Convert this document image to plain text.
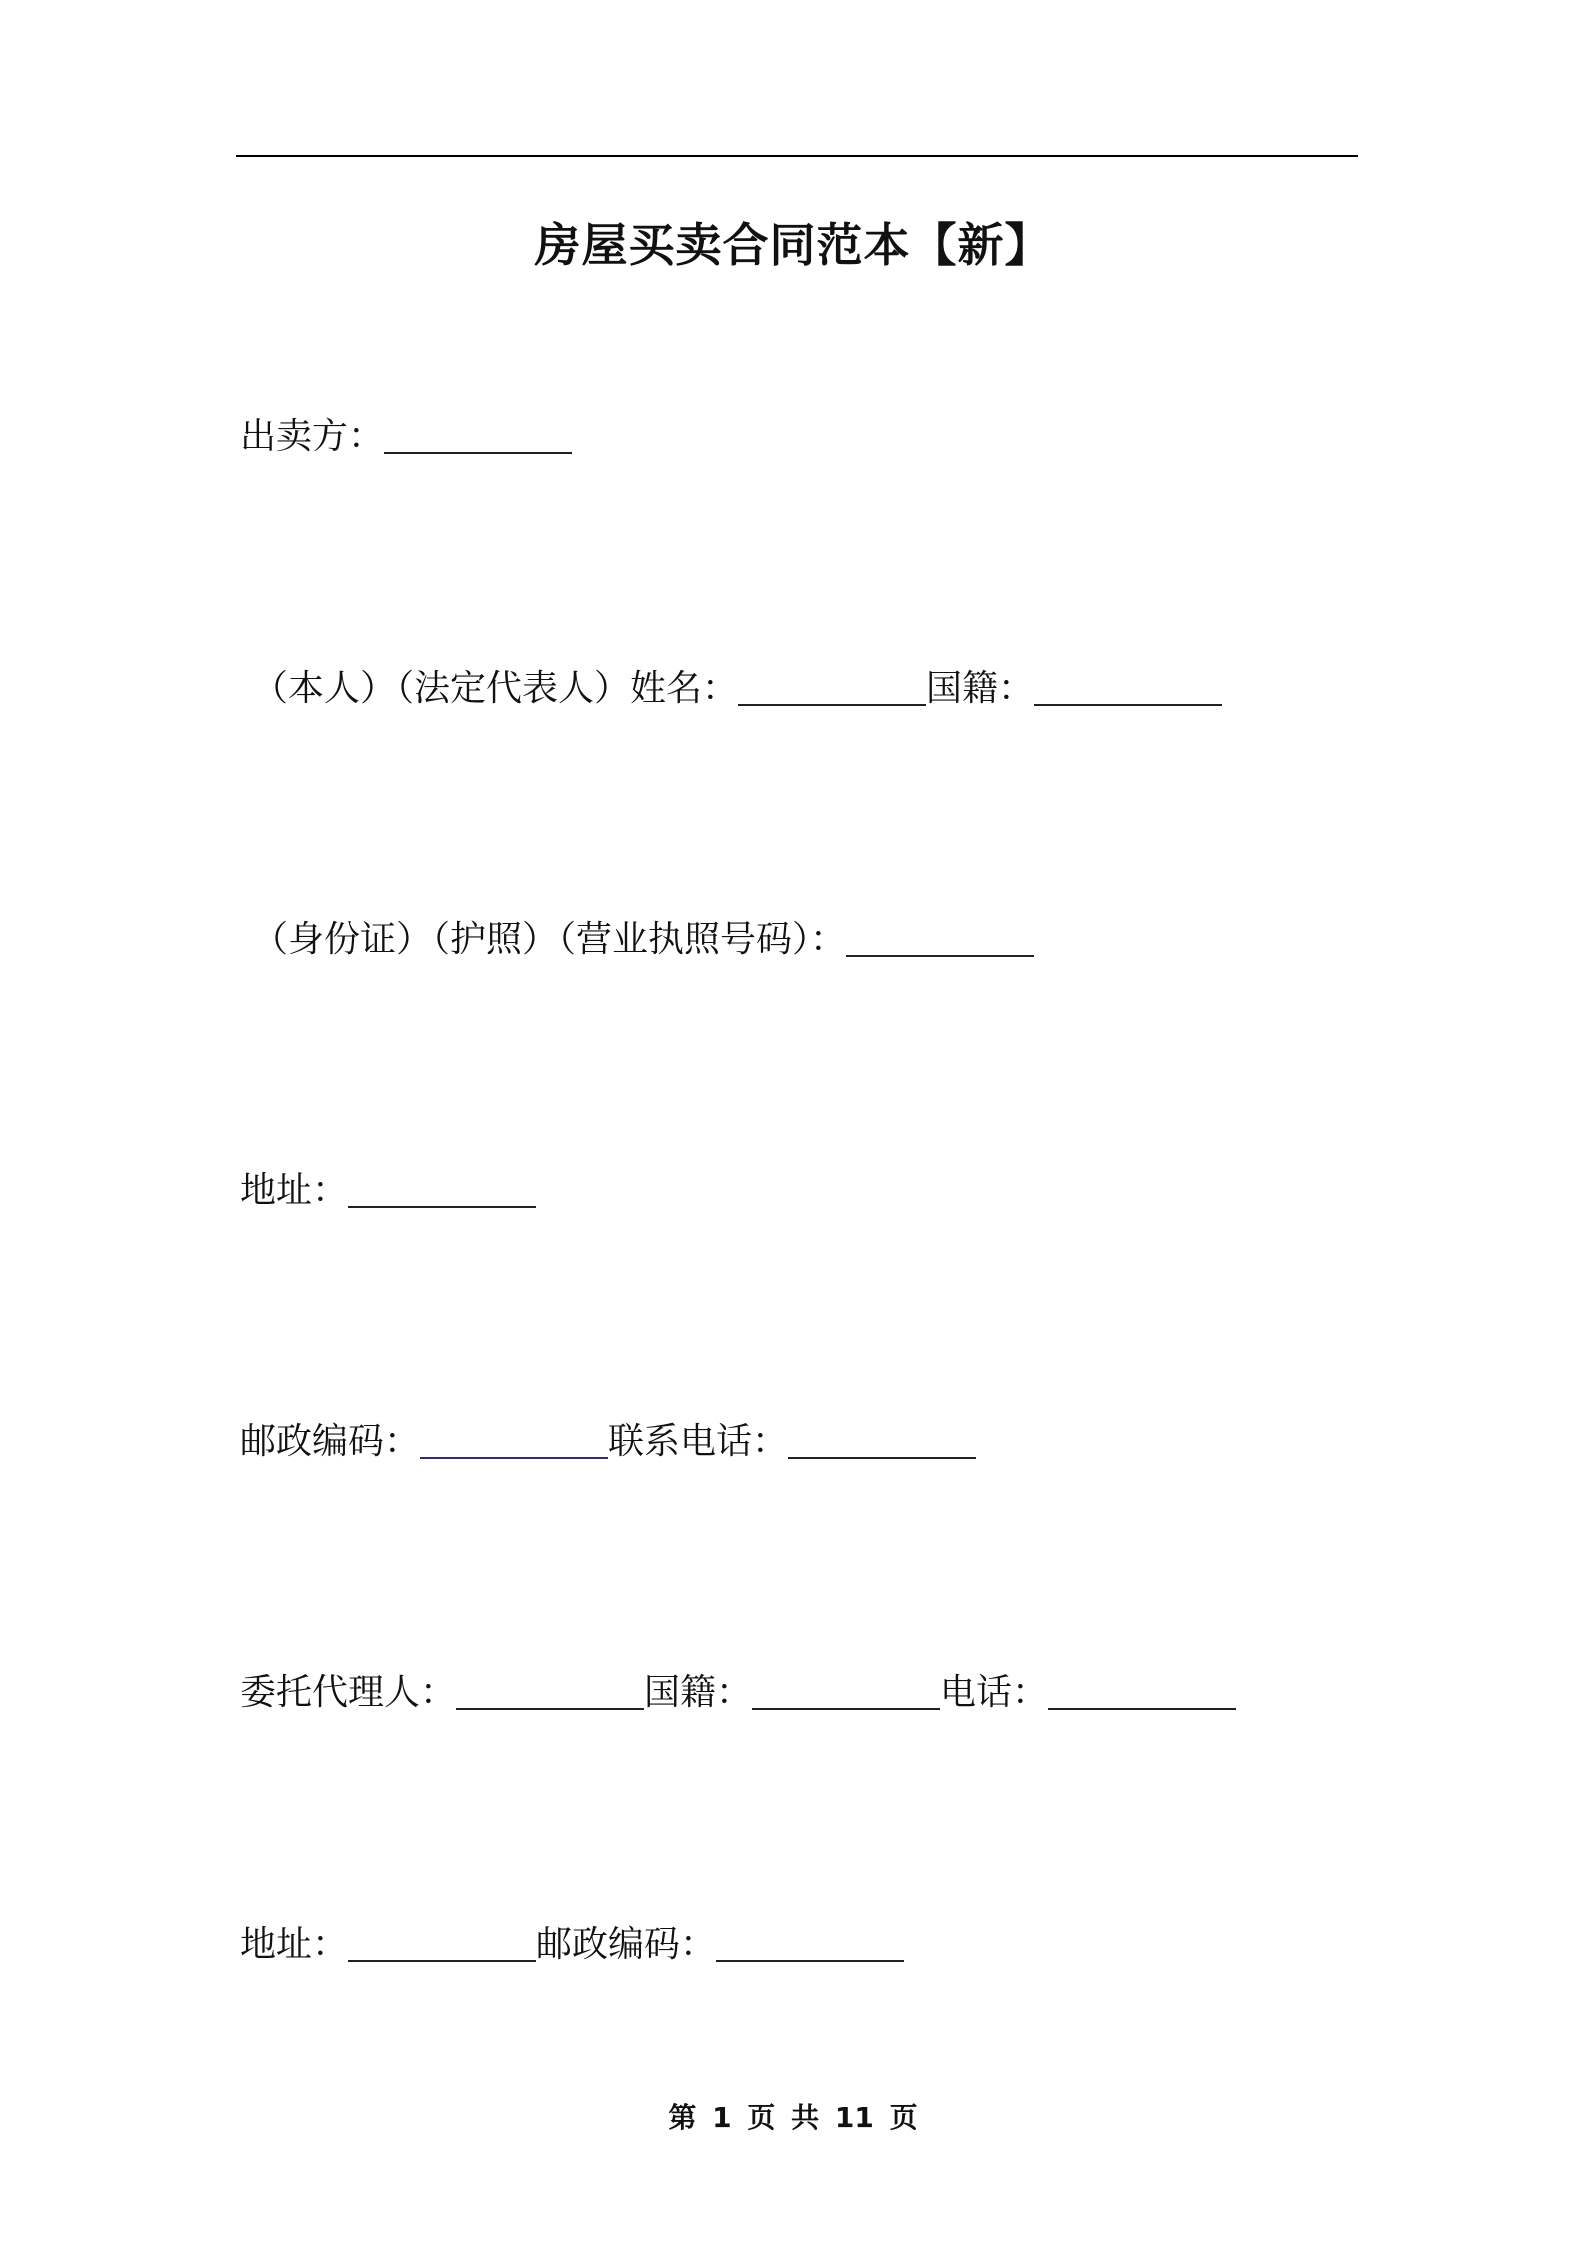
房屋买卖合同范本【新】
出卖方：
（本人）（法定代表人）姓名：	国籍：
（身份证）（护照）（营业执照号码）：
地址：
邮政编码：	联系电话：
委托代理人：	国籍：	电话：
地址：	邮政编码：
第 1 页 共 11 页
